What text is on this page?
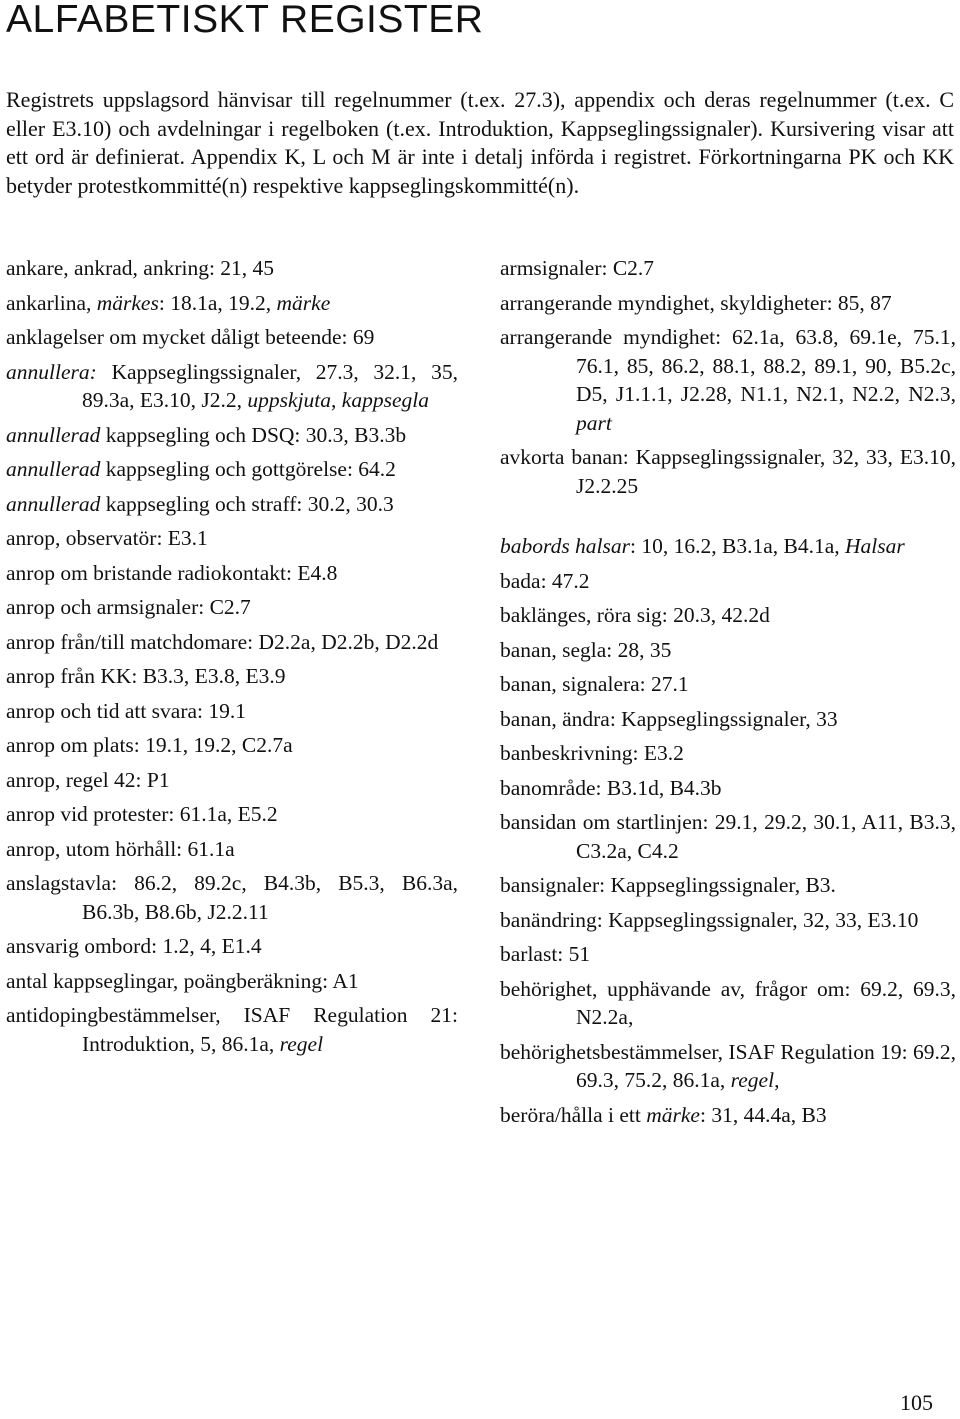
ALFABETISKT REGISTER

Registrets uppslagsord hänvisar till regelnummer (t.ex. 27.3), appendix och deras regelnummer (t.ex. C eller E3.10) och avdelningar i regelboken (t.ex. Introduktion, Kappseglingssignaler). Kursivering visar att ett ord är definierat. Appendix K, L och M är inte i detalj införda i registret. Förkortningarna PK och KK betyder protestkommitté(n) respektive kappseglingskommitté(n).

ankare, ankrad, ankring: 21, 45

ankarlina, märkes: 18.1a, 19.2, märke

anklagelser om mycket dåligt beteende: 69

annullera: Kappseglingssignaler, 27.3, 32.1, 35, 89.3a, E3.10, J2.2, uppskjuta, kappsegla

annullerad kappsegling och DSQ: 30.3, B3.3b

annullerad kappsegling och gottgörelse: 64.2

annullerad kappsegling och straff: 30.2, 30.3

anrop, observatör: E3.1

anrop om bristande radiokontakt: E4.8

anrop och armsignaler: C2.7

anrop från/till matchdomare: D2.2a, D2.2b, D2.2d

anrop från KK: B3.3, E3.8, E3.9

anrop och tid att svara: 19.1

anrop om plats: 19.1, 19.2, C2.7a

anrop, regel 42: P1

anrop vid protester: 61.1a, E5.2

anrop, utom hörhåll: 61.1a

anslagstavla: 86.2, 89.2c, B4.3b, B5.3, B6.3a, B6.3b, B8.6b, J2.2.11

ansvarig ombord: 1.2, 4, E1.4

antal kappseglingar, poängberäkning: A1

antidopingbestämmelser, ISAF Regulation 21: Introduktion, 5, 86.1a, regel

armsignaler: C2.7

arrangerande myndighet, skyldigheter: 85, 87

arrangerande myndighet: 62.1a, 63.8, 69.1e, 75.1, 76.1, 85, 86.2, 88.1, 88.2, 89.1, 90, B5.2c, D5, J1.1.1, J2.28, N1.1, N2.1, N2.2, N2.3, part

avkorta banan: Kappseglingssignaler, 32, 33, E3.10, J2.2.25

babords halsar: 10, 16.2, B3.1a, B4.1a, Halsar

bada: 47.2

baklänges, röra sig: 20.3, 42.2d

banan, segla: 28, 35

banan, signalera: 27.1

banan, ändra: Kappseglingssignaler, 33

banbeskrivning: E3.2

banområde: B3.1d, B4.3b

bansidan om startlinjen: 29.1, 29.2, 30.1, A11, B3.3, C3.2a, C4.2

bansignaler: Kappseglingssignaler, B3.

banändring: Kappseglingssignaler, 32, 33, E3.10

barlast: 51

behörighet, upphävande av, frågor om: 69.2, 69.3, N2.2a,

behörighetsbestämmelser, ISAF Regulation 19: 69.2, 69.3, 75.2, 86.1a, regel,

beröra/hålla i ett märke: 31, 44.4a, B3

105
